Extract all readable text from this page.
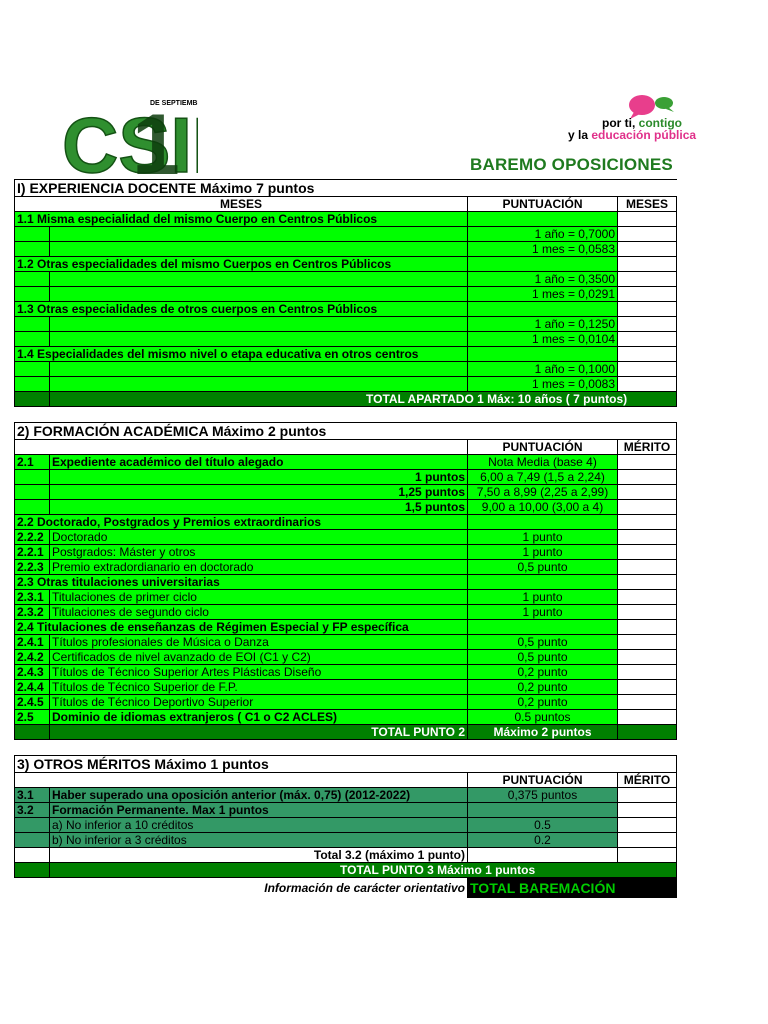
CSI
1
DE SEPTIEMB
por ti, contigo
y la educación pública
BAREMO OPOSICIONES
I) EXPERIENCIA DOCENTE Máximo 7 puntos			
MESES		PUNTUACIÓN	MESES
1.1 Misma especialidad del mismo Cuerpo en Centros Públicos			
		1 año = 0,7000	
		1 mes = 0,0583	
1.2 Otras especialidades del mismo Cuerpos en Centros Públicos			
		1 año = 0,3500	
		1 mes = 0,0291	
1.3 Otras especialidades de otros cuerpos en Centros Públicos			
		1 año = 0,1250	
		1 mes = 0,0104	
1.4 Especialidades del mismo nivel o etapa educativa en otros centros			
		1 año = 0,1000	
		1 mes = 0,0083	
	TOTAL APARTADO 1 Máx: 10 años ( 7 puntos)		

2) FORMACIÓN ACADÉMICA Máximo 2 puntos			
		PUNTUACIÓN	MÉRITO
2.1	Expediente académico del título alegado	Nota Media (base 4)	
	1 puntos	6,00 a 7,49 (1,5 a 2,24)	
	1,25 puntos	7,50 a 8,99 (2,25 a 2,99)	
	1,5 puntos	9,00 a 10,00 (3,00 a 4)	
2.2 Doctorado, Postgrados y Premios extraordinarios			
2.2.2	Doctorado	1 punto	
2.2.1	Postgrados: Máster y otros	1 punto	
2.2.3	Premio extradordianario en doctorado	0,5 punto	
2.3 Otras titulaciones universitarias			
2.3.1	Titulaciones de primer ciclo	1 punto	
2.3.2	Titulaciones de segundo ciclo	1 punto	
2.4 Titulaciones de enseñanzas de Régimen Especial y FP específica			
2.4.1	Títulos profesionales de Música o Danza	0,5 punto	
2.4.2	Certificados de nivel avanzado de EOI (C1 y C2)	0,5 punto	
2.4.3	Títulos de Técnico Superior Artes Plásticas Diseño	0,2 punto	
2.4.4	Títulos de Técnico Superior de F.P.	0,2 punto	
2.4.5	Títulos de Técnico Deportivo Superior	0,2 punto	
2.5	Dominio de idiomas extranjeros ( C1 o C2 ACLES)	0.5 puntos	
	TOTAL PUNTO 2	Máximo 2 puntos	

3) OTROS MÉRITOS Máximo 1 puntos			
		PUNTUACIÓN	MÉRITO
3.1	Haber superado una oposición anterior (máx. 0,75) (2012-2022)	0,375 puntos	
3.2	Formación Permanente. Max 1 puntos		
	a) No inferior a 10 créditos	0.5	
	b) No inferior a 3 créditos	0.2	
	Total 3.2 (máximo 1 punto)		
	TOTAL PUNTO 3 Máximo 1 puntos		
Información de carácter orientativo		TOTAL BAREMACIÓN	
